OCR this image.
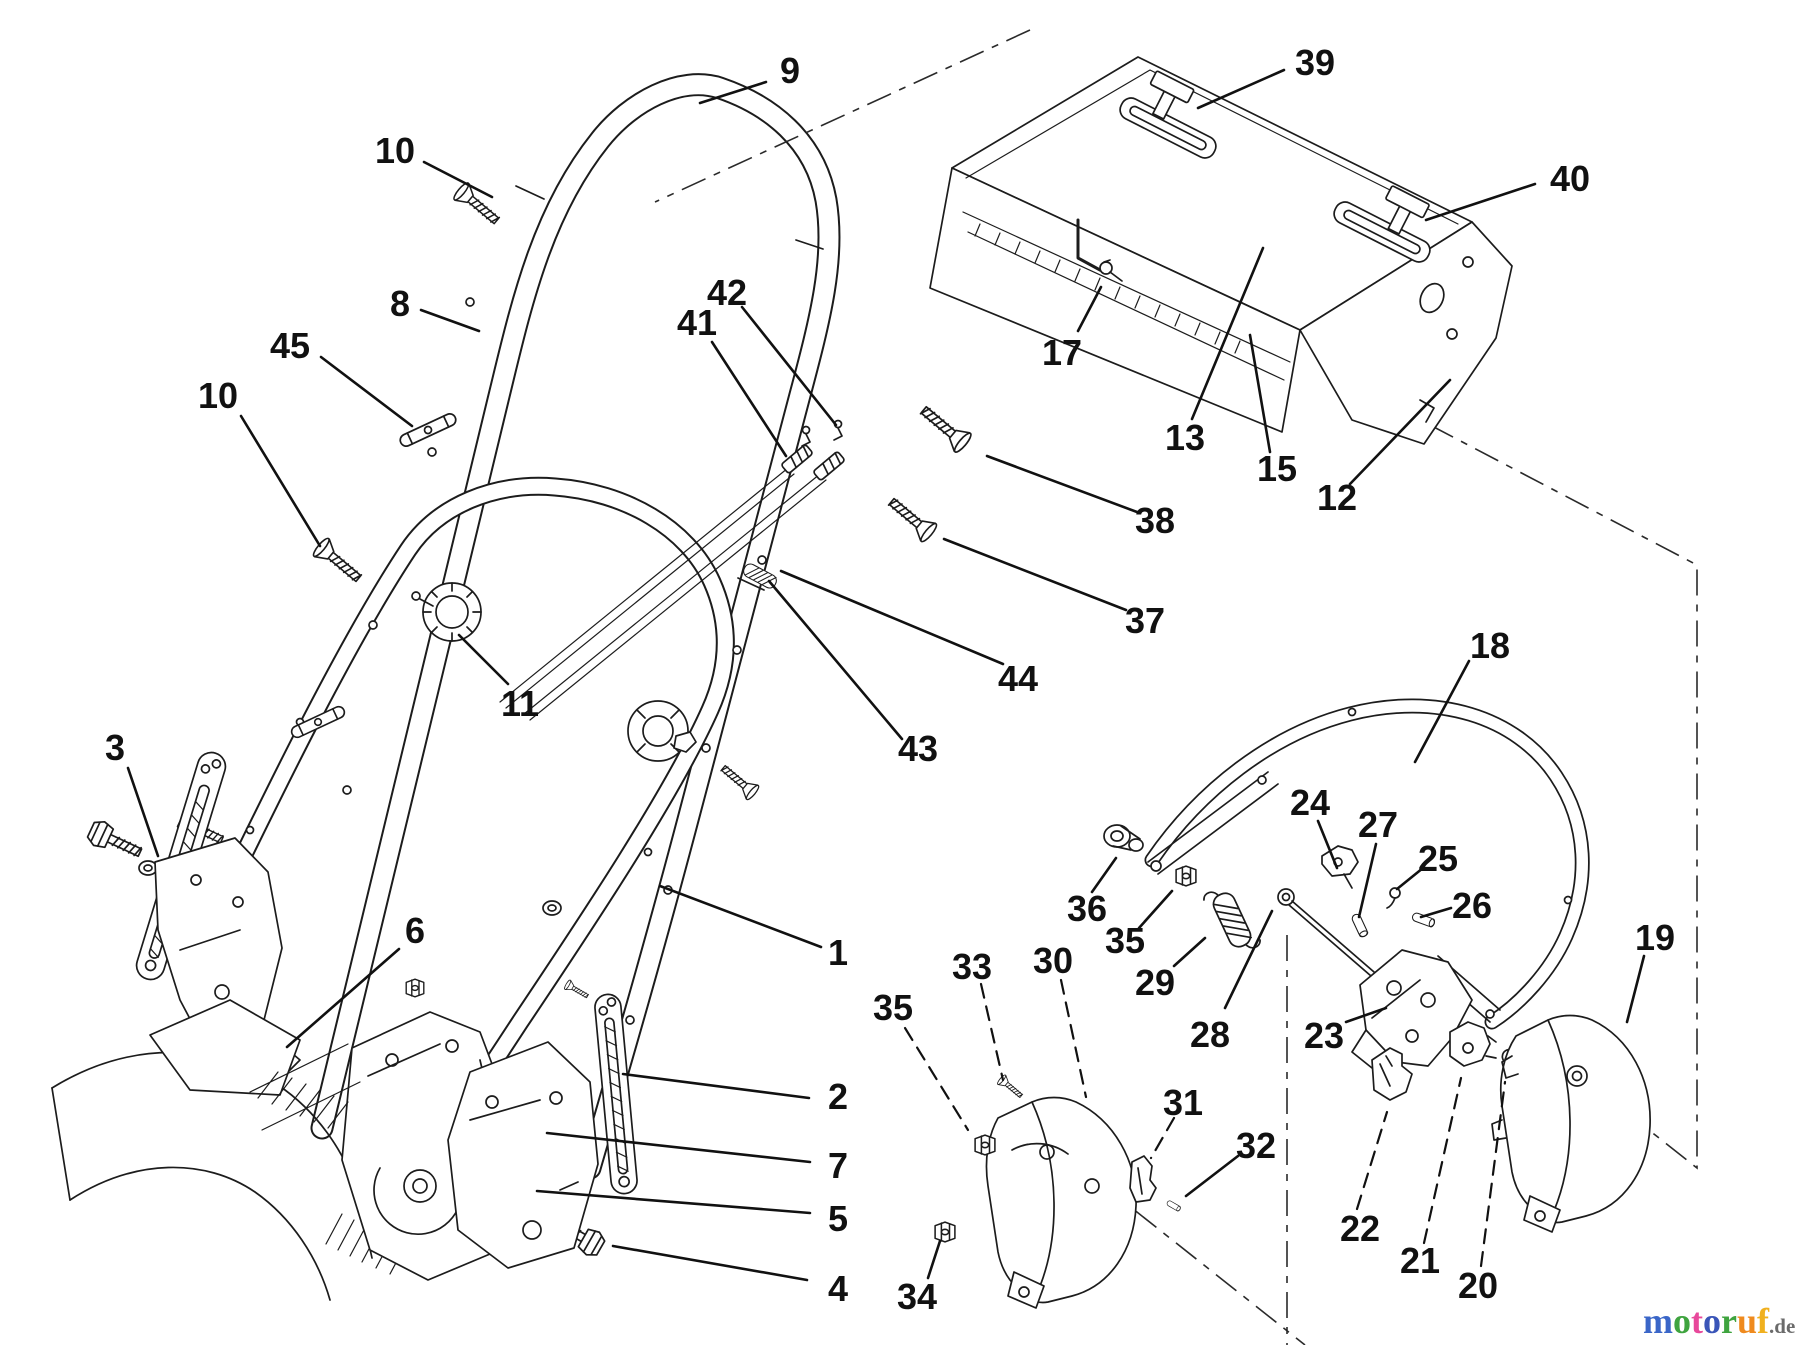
9
10
8
45
10
42
41
11
3
6
1
2
7
5
4
39
40
17
13
15
12
38
37
44
43
18
24
27
25
26
36
35
29
28 23
19
33 30
35
31
32
34
22
21
20
motoruf.de
